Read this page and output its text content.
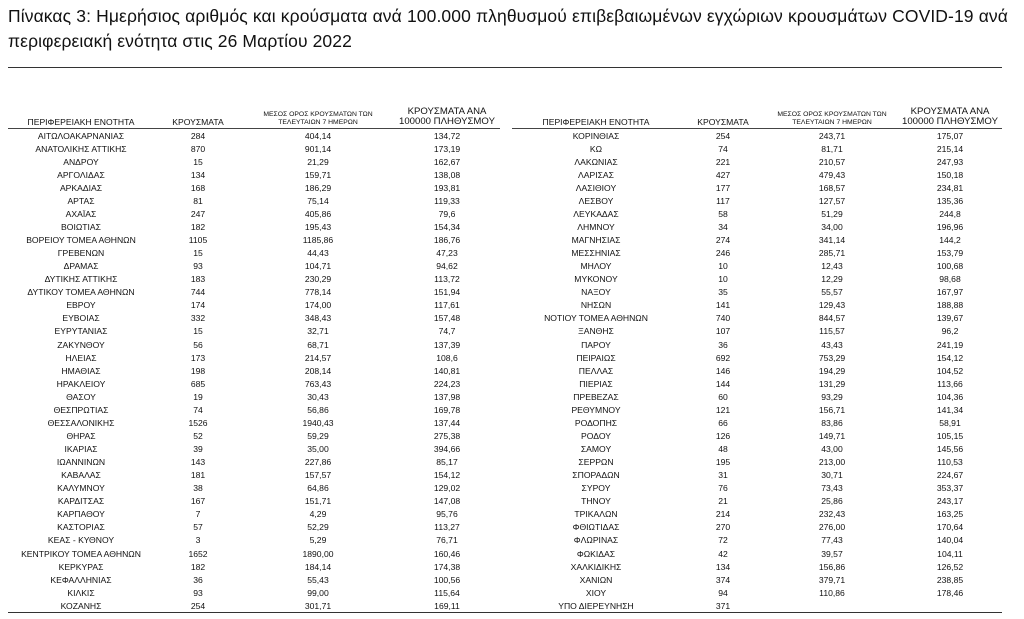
Πίνακας 3: Ημερήσιος αριθμός και κρούσματα ανά 100.000 πληθυσμού επιβεβαιωμένων εγχώριων κρουσμάτων COVID-19 ανά περιφερειακή ενότητα στις 26 Μαρτίου 2022
ΠΕΡΙΦΕΡΕΙΑΚΗ ΕΝΟΤΗΤΑ	ΚΡΟΥΣΜΑΤΑ	ΜΕΣΟΣ ΟΡΟΣ ΚΡΟΥΣΜΑΤΩΝ ΤΩΝ ΤΕΛΕΥΤΑΙΩΝ 7 ΗΜΕΡΩΝ	ΚΡΟΥΣΜΑΤΑ ΑΝΑ 100000 ΠΛΗΘΥΣΜΟΥ
ΑΙΤΩΛΟΑΚΑΡΝΑΝΙΑΣ	284	404,14	134,72
ΑΝΑΤΟΛΙΚΗΣ ΑΤΤΙΚΗΣ	870	901,14	173,19
ΑΝΔΡΟΥ	15	21,29	162,67
ΑΡΓΟΛΙΔΑΣ	134	159,71	138,08
ΑΡΚΑΔΙΑΣ	168	186,29	193,81
ΑΡΤΑΣ	81	75,14	119,33
ΑΧΑΪΑΣ	247	405,86	79,6
ΒΟΙΩΤΙΑΣ	182	195,43	154,34
ΒΟΡΕΙΟΥ ΤΟΜΕΑ ΑΘΗΝΩΝ	1105	1185,86	186,76
ΓΡΕΒΕΝΩΝ	15	44,43	47,23
ΔΡΑΜΑΣ	93	104,71	94,62
ΔΥΤΙΚΗΣ ΑΤΤΙΚΗΣ	183	230,29	113,72
ΔΥΤΙΚΟΥ ΤΟΜΕΑ ΑΘΗΝΩΝ	744	778,14	151,94
ΕΒΡΟΥ	174	174,00	117,61
ΕΥΒΟΙΑΣ	332	348,43	157,48
ΕΥΡΥΤΑΝΙΑΣ	15	32,71	74,7
ΖΑΚΥΝΘΟΥ	56	68,71	137,39
ΗΛΕΙΑΣ	173	214,57	108,6
ΗΜΑΘΙΑΣ	198	208,14	140,81
ΗΡΑΚΛΕΙΟΥ	685	763,43	224,23
ΘΑΣΟΥ	19	30,43	137,98
ΘΕΣΠΡΩΤΙΑΣ	74	56,86	169,78
ΘΕΣΣΑΛΟΝΙΚΗΣ	1526	1940,43	137,44
ΘΗΡΑΣ	52	59,29	275,38
ΙΚΑΡΙΑΣ	39	35,00	394,66
ΙΩΑΝΝΙΝΩΝ	143	227,86	85,17
ΚΑΒΑΛΑΣ	181	157,57	154,12
ΚΑΛΥΜΝΟΥ	38	64,86	129,02
ΚΑΡΔΙΤΣΑΣ	167	151,71	147,08
ΚΑΡΠΑΘΟΥ	7	4,29	95,76
ΚΑΣΤΟΡΙΑΣ	57	52,29	113,27
ΚΕΑΣ - ΚΥΘΝΟΥ	3	5,29	76,71
ΚΕΝΤΡΙΚΟΥ ΤΟΜΕΑ ΑΘΗΝΩΝ	1652	1890,00	160,46
ΚΕΡΚΥΡΑΣ	182	184,14	174,38
ΚΕΦΑΛΛΗΝΙΑΣ	36	55,43	100,56
ΚΙΛΚΙΣ	93	99,00	115,64
ΚΟΖΑΝΗΣ	254	301,71	169,11
ΠΕΡΙΦΕΡΕΙΑΚΗ ΕΝΟΤΗΤΑ	ΚΡΟΥΣΜΑΤΑ	ΜΕΣΟΣ ΟΡΟΣ ΚΡΟΥΣΜΑΤΩΝ ΤΩΝ ΤΕΛΕΥΤΑΙΩΝ 7 ΗΜΕΡΩΝ	ΚΡΟΥΣΜΑΤΑ ΑΝΑ 100000 ΠΛΗΘΥΣΜΟΥ
ΚΟΡΙΝΘΙΑΣ	254	243,71	175,07
ΚΩ	74	81,71	215,14
ΛΑΚΩΝΙΑΣ	221	210,57	247,93
ΛΑΡΙΣΑΣ	427	479,43	150,18
ΛΑΣΙΘΙΟΥ	177	168,57	234,81
ΛΕΣΒΟΥ	117	127,57	135,36
ΛΕΥΚΑΔΑΣ	58	51,29	244,8
ΛΗΜΝΟΥ	34	34,00	196,96
ΜΑΓΝΗΣΙΑΣ	274	341,14	144,2
ΜΕΣΣΗΝΙΑΣ	246	285,71	153,79
ΜΗΛΟΥ	10	12,43	100,68
ΜΥΚΟΝΟΥ	10	12,29	98,68
ΝΑΞΟΥ	35	55,57	167,97
ΝΗΣΩΝ	141	129,43	188,88
ΝΟΤΙΟΥ ΤΟΜΕΑ ΑΘΗΝΩΝ	740	844,57	139,67
ΞΑΝΘΗΣ	107	115,57	96,2
ΠΑΡΟΥ	36	43,43	241,19
ΠΕΙΡΑΙΩΣ	692	753,29	154,12
ΠΕΛΛΑΣ	146	194,29	104,52
ΠΙΕΡΙΑΣ	144	131,29	113,66
ΠΡΕΒΕΖΑΣ	60	93,29	104,36
ΡΕΘΥΜΝΟΥ	121	156,71	141,34
ΡΟΔΟΠΗΣ	66	83,86	58,91
ΡΟΔΟΥ	126	149,71	105,15
ΣΑΜΟΥ	48	43,00	145,56
ΣΕΡΡΩΝ	195	213,00	110,53
ΣΠΟΡΑΔΩΝ	31	30,71	224,67
ΣΥΡΟΥ	76	73,43	353,37
ΤΗΝΟΥ	21	25,86	243,17
ΤΡΙΚΑΛΩΝ	214	232,43	163,25
ΦΘΙΩΤΙΔΑΣ	270	276,00	170,64
ΦΛΩΡΙΝΑΣ	72	77,43	140,04
ΦΩΚΙΔΑΣ	42	39,57	104,11
ΧΑΛΚΙΔΙΚΗΣ	134	156,86	126,52
ΧΑΝΙΩΝ	374	379,71	238,85
ΧΙΟΥ	94	110,86	178,46
ΥΠΟ ΔΙΕΡΕΥΝΗΣΗ	371		
